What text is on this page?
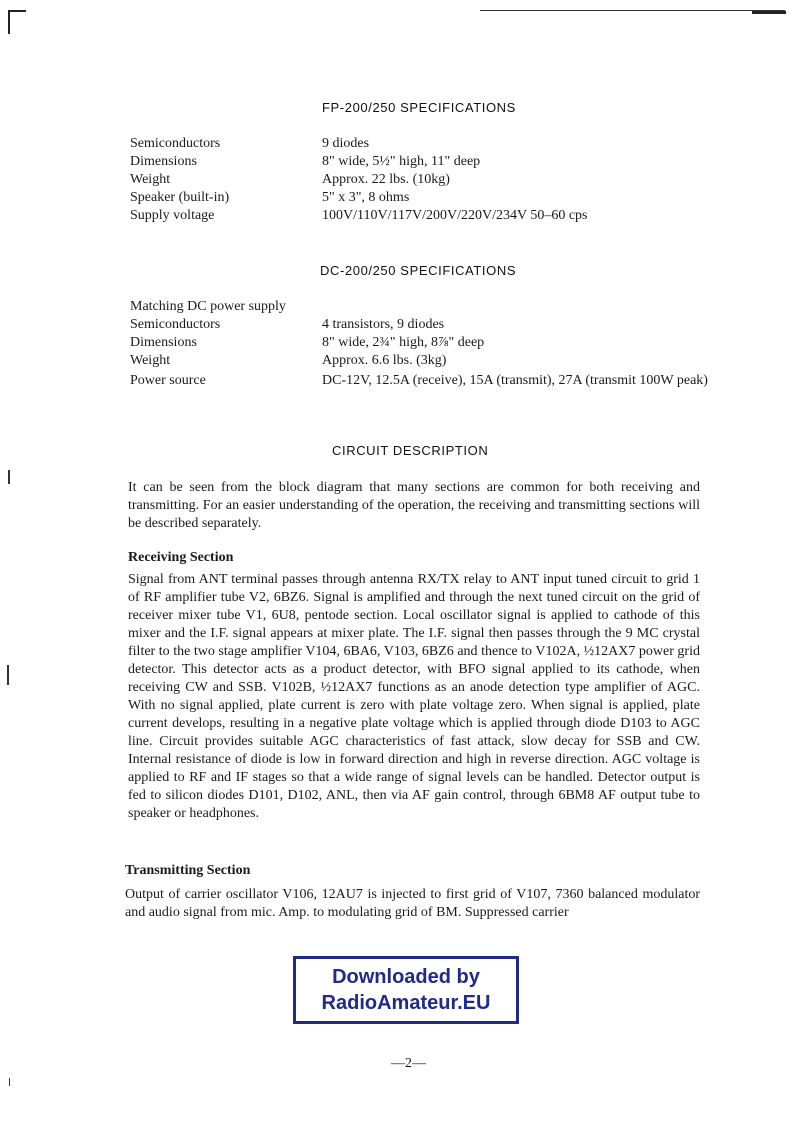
FP-200/250 SPECIFICATIONS
Semiconductors	9 diodes
Dimensions	8" wide, 5½" high, 11" deep
Weight	Approx. 22 lbs. (10kg)
Speaker (built-in)	5" x 3", 8 ohms
Supply voltage	100V/110V/117V/200V/220V/234V 50–60 cps
DC-200/250 SPECIFICATIONS
Matching DC power supply
Semiconductors	4 transistors, 9 diodes
Dimensions	8" wide, 2¾" high, 8⅞" deep
Weight	Approx. 6.6 lbs. (3kg)
Power source	DC-12V, 12.5A (receive), 15A (transmit), 27A (transmit 100W peak)
CIRCUIT DESCRIPTION
It can be seen from the block diagram that many sections are common for both receiving and transmitting. For an easier understanding of the operation, the receiving and transmitting sections will be described separately.
Receiving Section
Signal from ANT terminal passes through antenna RX/TX relay to ANT input tuned circuit to grid 1 of RF amplifier tube V2, 6BZ6. Signal is amplified and through the next tuned circuit on the grid of receiver mixer tube V1, 6U8, pentode section. Local oscillator signal is applied to cathode of this mixer and the I.F. signal appears at mixer plate. The I.F. signal then passes through the 9 MC crystal filter to the two stage amplifier V104, 6BA6, V103, 6BZ6 and thence to V102A, ½12AX7 power grid detector. This detector acts as a product detector, with BFO signal applied to its cathode, when receiving CW and SSB. V102B, ½12AX7 functions as an anode detection type amplifier of AGC. With no signal applied, plate current is zero with plate voltage zero. When signal is applied, plate current develops, resulting in a negative plate voltage which is applied through diode D103 to AGC line. Circuit provides suitable AGC characteristics of fast attack, slow decay for SSB and CW. Internal resistance of diode is low in forward direction and high in reverse direction. AGC voltage is applied to RF and IF stages so that a wide range of signal levels can be handled. Detector output is fed to silicon diodes D101, D102, ANL, then via AF gain control, through 6BM8 AF output tube to speaker or headphones.
Transmitting Section
Output of carrier oscillator V106, 12AU7 is injected to first grid of V107, 7360 balanced modulator and audio signal from mic. Amp. to modulating grid of BM. Suppressed carrier
Downloaded by
RadioAmateur.EU
—2—
